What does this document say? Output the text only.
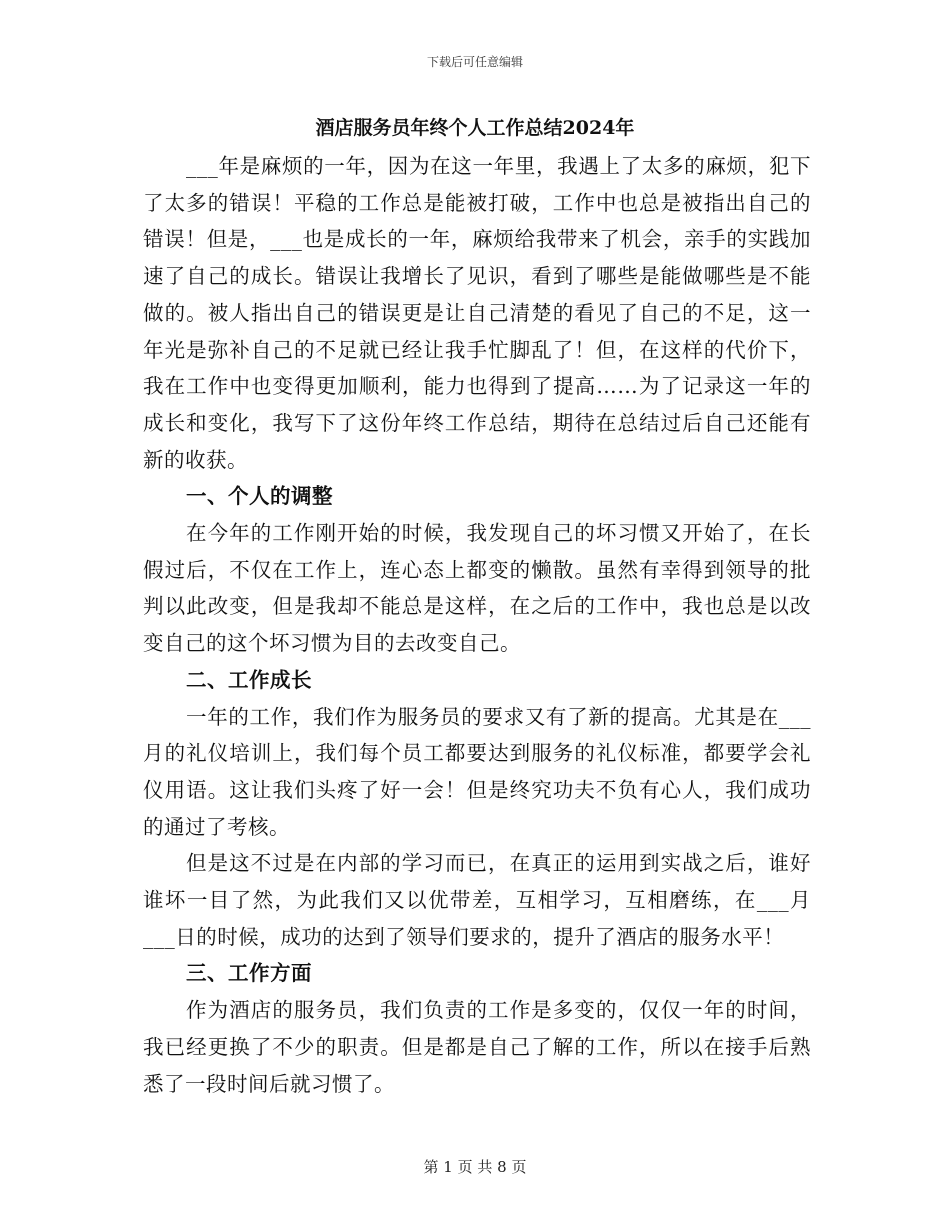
下载后可任意编辑
酒店服务员年终个人工作总结2024年

___年是麻烦的一年，因为在这一年里，我遇上了太多的麻烦，犯下了太多的错误！平稳的工作总是能被打破，工作中也总是被指出自己的错误！但是，___也是成长的一年，麻烦给我带来了机会，亲手的实践加速了自己的成长。错误让我增长了见识，看到了哪些是能做哪些是不能做的。被人指出自己的错误更是让自己清楚的看见了自己的不足，这一年光是弥补自己的不足就已经让我手忙脚乱了！但，在这样的代价下，我在工作中也变得更加顺利，能力也得到了提高……为了记录这一年的成长和变化，我写下了这份年终工作总结，期待在总结过后自己还能有新的收获。

一、个人的调整

在今年的工作刚开始的时候，我发现自己的坏习惯又开始了，在长假过后，不仅在工作上，连心态上都变的懒散。虽然有幸得到领导的批判以此改变，但是我却不能总是这样，在之后的工作中，我也总是以改变自己的这个坏习惯为目的去改变自己。

二、工作成长

一年的工作，我们作为服务员的要求又有了新的提高。尤其是在___月的礼仪培训上，我们每个员工都要达到服务的礼仪标准，都要学会礼仪用语。这让我们头疼了好一会！但是终究功夫不负有心人，我们成功的通过了考核。

但是这不过是在内部的学习而已，在真正的运用到实战之后，谁好谁坏一目了然，为此我们又以优带差，互相学习，互相磨练，在___月___日的时候，成功的达到了领导们要求的，提升了酒店的服务水平！

三、工作方面

作为酒店的服务员，我们负责的工作是多变的，仅仅一年的时间，我已经更换了不少的职责。但是都是自己了解的工作，所以在接手后熟悉了一段时间后就习惯了。

第 1 页 共 8 页
